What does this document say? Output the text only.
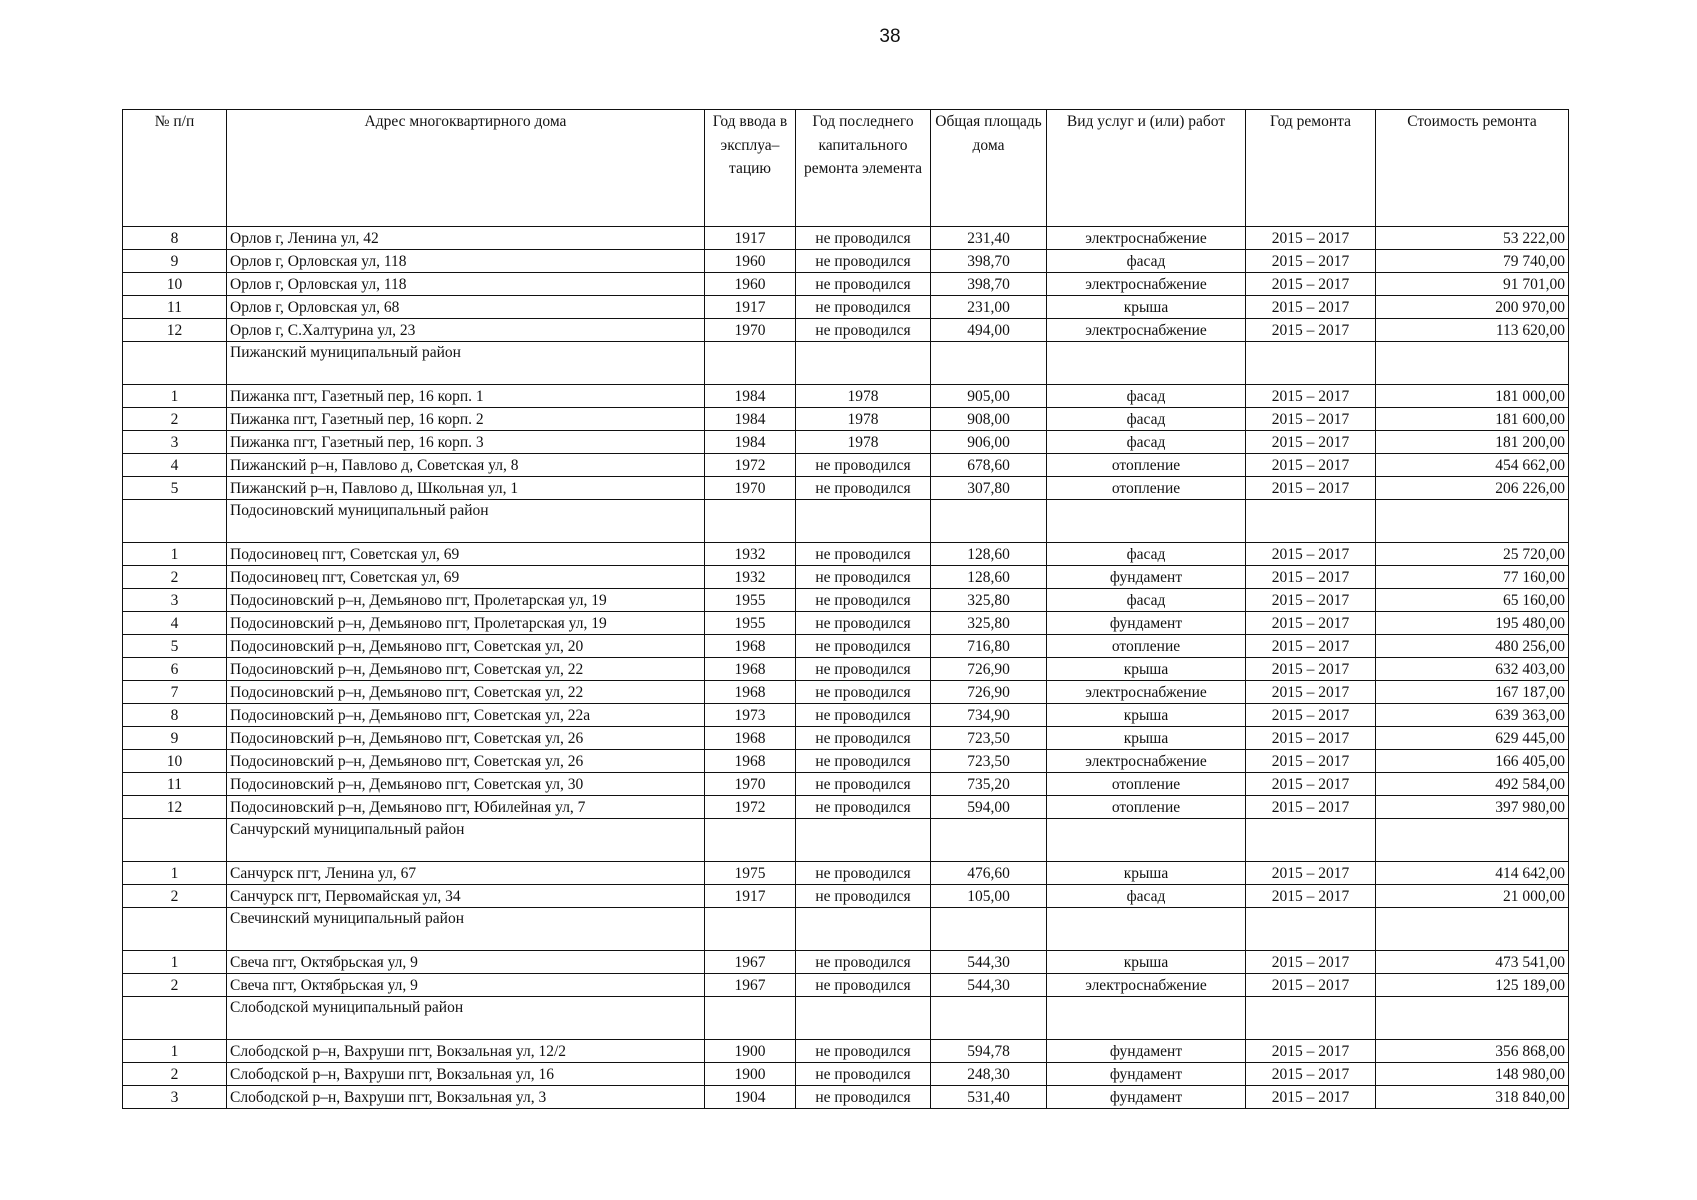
38
№ п/п	Адрес многоквартирного дома	Год ввода в эксплуа– тацию	Год последнего капитального ремонта элемента	Общая площадь дома	Вид услуг и (или) работ	Год ремонта	Стоимость ремонта
8	Орлов г, Ленина ул, 42	1917	не проводился	231,40	электроснабжение	2015 – 2017	53 222,00
9	Орлов г, Орловская ул, 118	1960	не проводился	398,70	фасад	2015 – 2017	79 740,00
10	Орлов г, Орловская ул, 118	1960	не проводился	398,70	электроснабжение	2015 – 2017	91 701,00
11	Орлов г, Орловская ул, 68	1917	не проводился	231,00	крыша	2015 – 2017	200 970,00
12	Орлов г, С.Халтурина ул, 23	1970	не проводился	494,00	электроснабжение	2015 – 2017	113 620,00
	Пижанский муниципальный район						
1	Пижанка пгт, Газетный пер, 16 корп. 1	1984	1978	905,00	фасад	2015 – 2017	181 000,00
2	Пижанка пгт, Газетный пер, 16 корп. 2	1984	1978	908,00	фасад	2015 – 2017	181 600,00
3	Пижанка пгт, Газетный пер, 16 корп. 3	1984	1978	906,00	фасад	2015 – 2017	181 200,00
4	Пижанский р–н, Павлово д, Советская ул, 8	1972	не проводился	678,60	отопление	2015 – 2017	454 662,00
5	Пижанский р–н, Павлово д, Школьная ул, 1	1970	не проводился	307,80	отопление	2015 – 2017	206 226,00
	Подосиновский муниципальный район						
1	Подосиновец пгт, Советская ул, 69	1932	не проводился	128,60	фасад	2015 – 2017	25 720,00
2	Подосиновец пгт, Советская ул, 69	1932	не проводился	128,60	фундамент	2015 – 2017	77 160,00
3	Подосиновский р–н, Демьяново пгт, Пролетарская ул, 19	1955	не проводился	325,80	фасад	2015 – 2017	65 160,00
4	Подосиновский р–н, Демьяново пгт, Пролетарская ул, 19	1955	не проводился	325,80	фундамент	2015 – 2017	195 480,00
5	Подосиновский р–н, Демьяново пгт, Советская ул, 20	1968	не проводился	716,80	отопление	2015 – 2017	480 256,00
6	Подосиновский р–н, Демьяново пгт, Советская ул, 22	1968	не проводился	726,90	крыша	2015 – 2017	632 403,00
7	Подосиновский р–н, Демьяново пгт, Советская ул, 22	1968	не проводился	726,90	электроснабжение	2015 – 2017	167 187,00
8	Подосиновский р–н, Демьяново пгт, Советская ул, 22а	1973	не проводился	734,90	крыша	2015 – 2017	639 363,00
9	Подосиновский р–н, Демьяново пгт, Советская ул, 26	1968	не проводился	723,50	крыша	2015 – 2017	629 445,00
10	Подосиновский р–н, Демьяново пгт, Советская ул, 26	1968	не проводился	723,50	электроснабжение	2015 – 2017	166 405,00
11	Подосиновский р–н, Демьяново пгт, Советская ул, 30	1970	не проводился	735,20	отопление	2015 – 2017	492 584,00
12	Подосиновский р–н, Демьяново пгт, Юбилейная ул, 7	1972	не проводился	594,00	отопление	2015 – 2017	397 980,00
	Санчурский муниципальный район						
1	Санчурск пгт, Ленина ул, 67	1975	не проводился	476,60	крыша	2015 – 2017	414 642,00
2	Санчурск пгт, Первомайская ул, 34	1917	не проводился	105,00	фасад	2015 – 2017	21 000,00
	Свечинский муниципальный район						
1	Свеча пгт, Октябрьская ул, 9	1967	не проводился	544,30	крыша	2015 – 2017	473 541,00
2	Свеча пгт, Октябрьская ул, 9	1967	не проводился	544,30	электроснабжение	2015 – 2017	125 189,00
	Слободской муниципальный район						
1	Слободской р–н, Вахруши пгт, Вокзальная ул, 12/2	1900	не проводился	594,78	фундамент	2015 – 2017	356 868,00
2	Слободской р–н, Вахруши пгт, Вокзальная ул, 16	1900	не проводился	248,30	фундамент	2015 – 2017	148 980,00
3	Слободской р–н, Вахруши пгт, Вокзальная ул, 3	1904	не проводился	531,40	фундамент	2015 – 2017	318 840,00
